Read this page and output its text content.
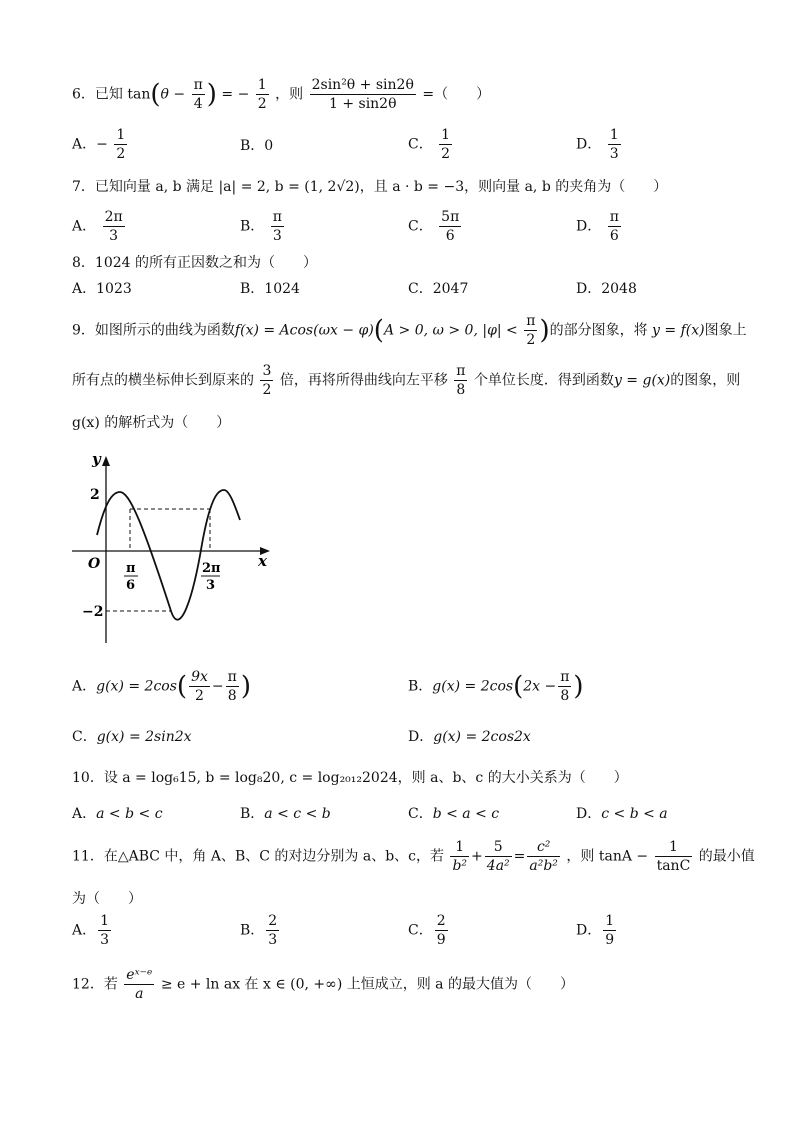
6．已知 $\tan(\theta - \frac{\pi}{4}$ ) = − $\frac{1}{2}$ ，则 $\frac{\text{2sin²θ + sin2θ}}{1 + \sin 2\theta}$ =（　　）
A．− $\frac{1}{2}$	B．0	C． $\frac{1}{2}$	D． $\frac{1}{3}$
7．已知向量 a, b 满足 |a| = 2, b = (1, 2√2)，且 a · b = −3，则向量 a, b 的夹角为（　　）
A． $\frac{2\pi}{3}$	B． $\frac{\pi}{3}$	C． $\frac{5\pi}{6}$	D． $\frac{\pi}{6}$
8．1024 的所有正因数之和为（　　）
A．1023	B．1024	C．2047	D．2048
9．如图所示的曲线为函数f(x) = Acos(ωx − φ)(A > 0, ω > 0, $|\varphi| < \frac{\pi}{2}$ )的部分图象，将 y = f(x)图象上
所有点的横坐标伸长到原来的 $\frac{3}{2}$ 倍，再将所得曲线向左平移 $\frac{\pi}{8}$ 个单位长度．得到函数y = g(x)的图象，则
g(x) 的解析式为（　　）
y
x
O
2
−2
π
6
2π
3
A．$g(x) = 2\cos( \frac{9x}{2} - \frac{\pi}{8}$ )	B．$g(x) = 2\cos(2x - \frac{\pi}{8}$ )
C．g(x) = 2sin2x	D．g(x) = 2cos2x
10．设 a = log₆15, b = log₈20, c = log₂₀₁₂2024，则 a、b、c 的大小关系为（　　）
A．a < b < c	B．a < c < b	C．b < a < c	D．c < b < a
11．在△ABC 中，角 A、B、C 的对边分别为 a、b、c，若 $\frac{1}{\text{b²}} + \frac{5}{\text{4a²}} = \frac{\text{c²}}{\text{a²b²}}$ ，则 $\tan A - \frac{1}{\tan C}$ 的最小值
为（　　）
A． $\frac{1}{3}$	B． $\frac{2}{3}$	C． $\frac{2}{9}$	D． $\frac{1}{9}$
12．若 $\frac{\text{eˣ⁻ᵉ}}{a} \ge e + \ln$ ax 在 x ∈ (0, +∞) 上恒成立，则 a 的最大值为（　　）
